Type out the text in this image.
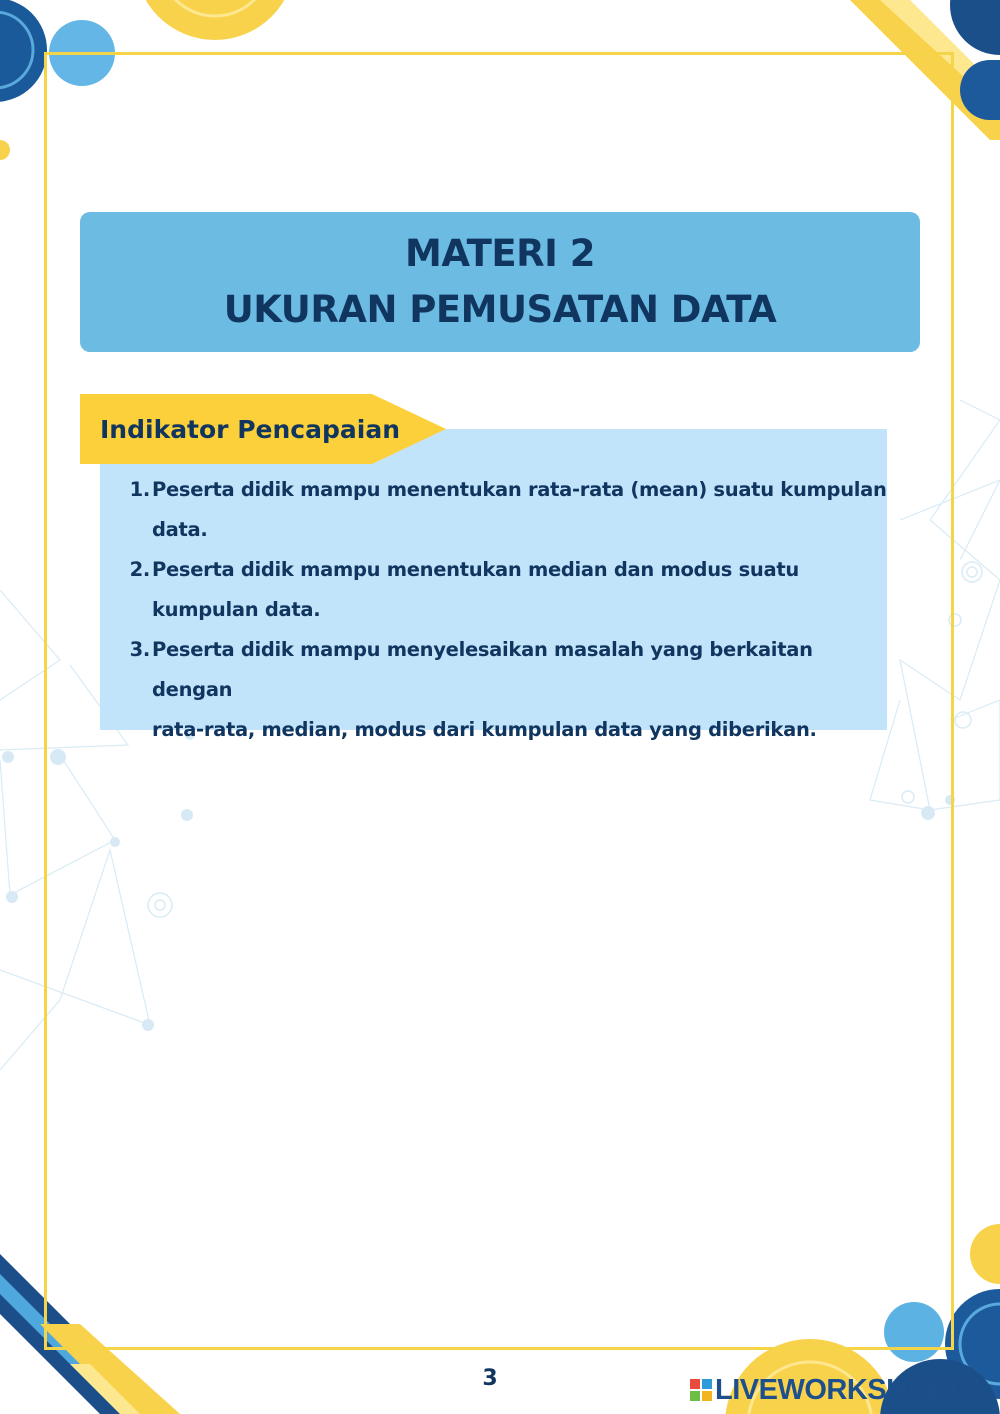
MATERI 2
UKURAN PEMUSATAN DATA
Indikator Pencapaian
1. Peserta didik mampu menentukan rata-rata (mean) suatu kumpulan
data.
2. Peserta didik mampu menentukan median dan modus suatu
kumpulan data.
3. Peserta didik mampu menyelesaikan masalah yang berkaitan dengan
rata-rata, median, modus dari kumpulan data yang diberikan.
3	LIVEWORKSHEETS
